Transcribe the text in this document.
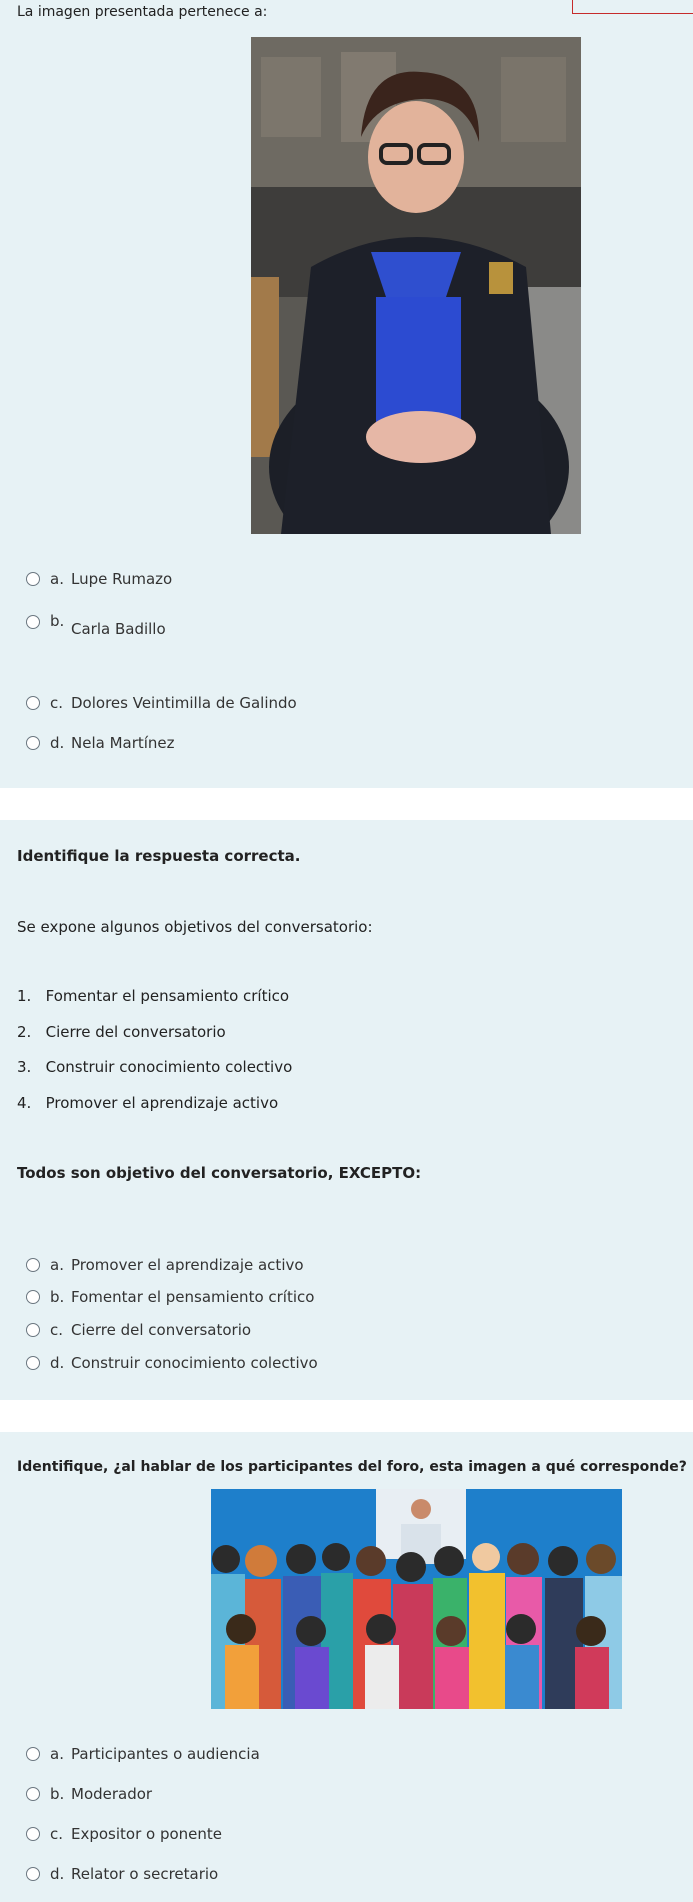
La imagen presentada pertenece a:
a. Lupe Rumazo
b. Carla Badillo
c. Dolores Veintimilla de Galindo
d. Nela Martínez
Identifique la respuesta correcta.
Se expone algunos objetivos del conversatorio:
1.   Fomentar el pensamiento crítico
2.   Cierre del conversatorio
3.   Construir conocimiento colectivo
4.   Promover el aprendizaje activo
Todos son objetivo del conversatorio, EXCEPTO:
a. Promover el aprendizaje activo
b. Fomentar el pensamiento crítico
c. Cierre del conversatorio
d. Construir conocimiento colectivo
Identifique, ¿al hablar de los participantes del foro, esta imagen a qué corresponde?
a. Participantes o audiencia
b. Moderador
c. Expositor o ponente
d. Relator o secretario
